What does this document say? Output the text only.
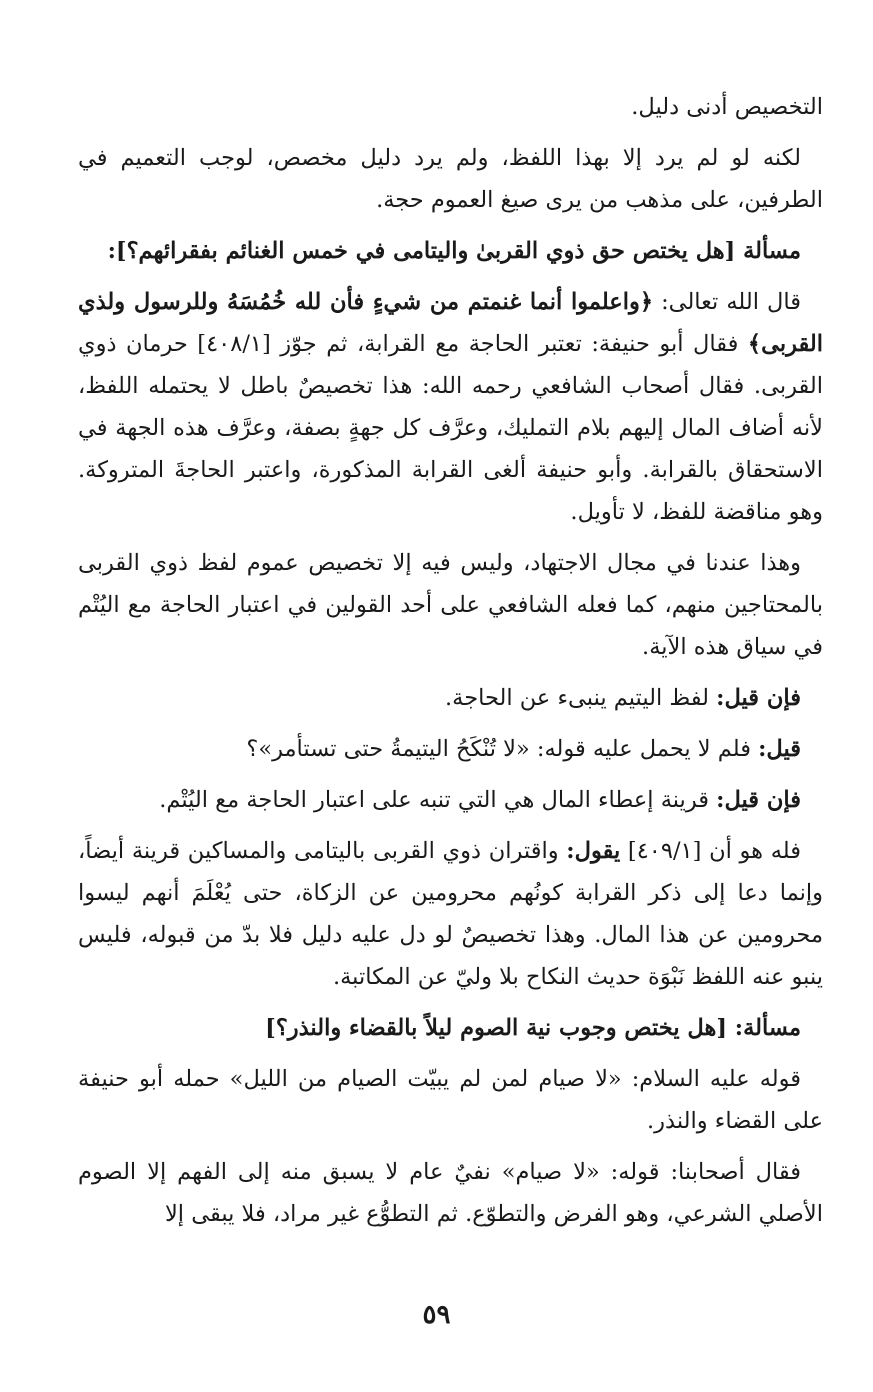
التخصيص أدنى دليل.

لكنه لو لم يرد إلا بهذا اللفظ، ولم يرد دليل مخصص، لوجب التعميم في الطرفين، على مذهب من يرى صيغ العموم حجة.

مسألة [هل يختص حق ذوي القربىٰ واليتامى في خمس الغنائم بفقرائهم؟]:

قال الله تعالى: ﴿واعلموا أنما غنمتم من شيءٍ فأن لله خُمُسَهُ وللرسول ولذي القربى﴾ فقال أبو حنيفة: تعتبر الحاجة مع القرابة، ثم جوّز [٤٠٨/١] حرمان ذوي القربى. فقال أصحاب الشافعي رحمه الله: هذا تخصيصٌ باطل لا يحتمله اللفظ، لأنه أضاف المال إليهم بلام التمليك، وعرَّف كل جهةٍ بصفة، وعرَّف هذه الجهة في الاستحقاق بالقرابة. وأبو حنيفة ألغى القرابة المذكورة، واعتبر الحاجةَ المتروكة. وهو مناقضة للفظ، لا تأويل.

وهذا عندنا في مجال الاجتهاد، وليس فيه إلا تخصيص عموم لفظ ذوي القربى بالمحتاجين منهم، كما فعله الشافعي على أحد القولين في اعتبار الحاجة مع اليُتْم في سياق هذه الآية.

فإن قيل: لفظ اليتيم ينبىء عن الحاجة.

قيل: فلم لا يحمل عليه قوله: «لا تُنْكَحُ اليتيمةُ حتى تستأمر»؟

فإن قيل: قرينة إعطاء المال هي التي تنبه على اعتبار الحاجة مع اليُتْم.

فله هو أن [٤٠٩/١] يقول: واقتران ذوي القربى باليتامى والمساكين قرينة أيضاً، وإنما دعا إلى ذكر القرابة كونُهم محرومين عن الزكاة، حتى يُعْلَمَ أنهم ليسوا محرومين عن هذا المال. وهذا تخصيصٌ لو دل عليه دليل فلا بدّ من قبوله، فليس ينبو عنه اللفظ نَبْوَة حديث النكاح بلا وليّ عن المكاتبة.

مسألة: [هل يختص وجوب نية الصوم ليلاً بالقضاء والنذر؟]

قوله عليه السلام: «لا صيام لمن لم يبيّت الصيام من الليل» حمله أبو حنيفة على القضاء والنذر.

فقال أصحابنا: قوله: «لا صيام» نفيٌ عام لا يسبق منه إلى الفهم إلا الصوم الأصلي الشرعي، وهو الفرض والتطوّع. ثم التطوُّع غير مراد، فلا يبقى إلا

٥٩
